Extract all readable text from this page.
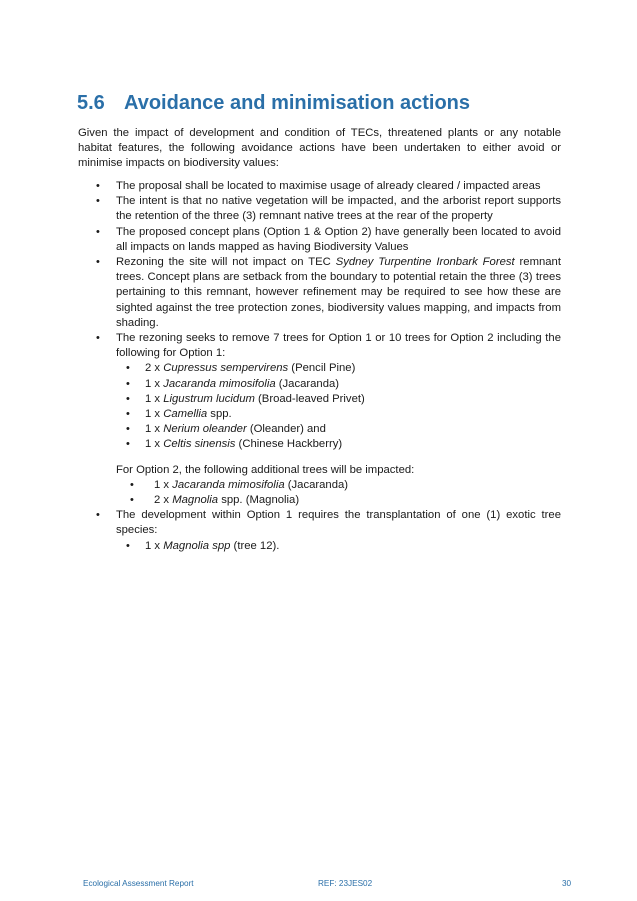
5.6 Avoidance and minimisation actions

Given the impact of development and condition of TECs, threatened plants or any notable habitat features, the following avoidance actions have been undertaken to either avoid or minimise impacts on biodiversity values:

• The proposal shall be located to maximise usage of already cleared / impacted areas
• The intent is that no native vegetation will be impacted, and the arborist report supports the retention of the three (3) remnant native trees at the rear of the property
• The proposed concept plans (Option 1 & Option 2) have generally been located to avoid all impacts on lands mapped as having Biodiversity Values
• Rezoning the site will not impact on TEC Sydney Turpentine Ironbark Forest remnant trees. Concept plans are setback from the boundary to potential retain the three (3) trees pertaining to this remnant, however refinement may be required to see how these are sighted against the tree protection zones, biodiversity values mapping, and impacts from shading.
• The rezoning seeks to remove 7 trees for Option 1 or 10 trees for Option 2 including the following for Option 1:
• 2 x Cupressus sempervirens (Pencil Pine)
• 1 x Jacaranda mimosifolia (Jacaranda)
• 1 x Ligustrum lucidum (Broad-leaved Privet)
• 1 x Camellia spp.
• 1 x Nerium oleander (Oleander) and
• 1 x Celtis sinensis (Chinese Hackberry)

For Option 2, the following additional trees will be impacted:

• 1 x Jacaranda mimosifolia (Jacaranda)
• 2 x Magnolia spp. (Magnolia)
• The development within Option 1 requires the transplantation of one (1) exotic tree species:
• 1 x Magnolia spp (tree 12).
Ecological Assessment Report	REF: 23JES02	30
